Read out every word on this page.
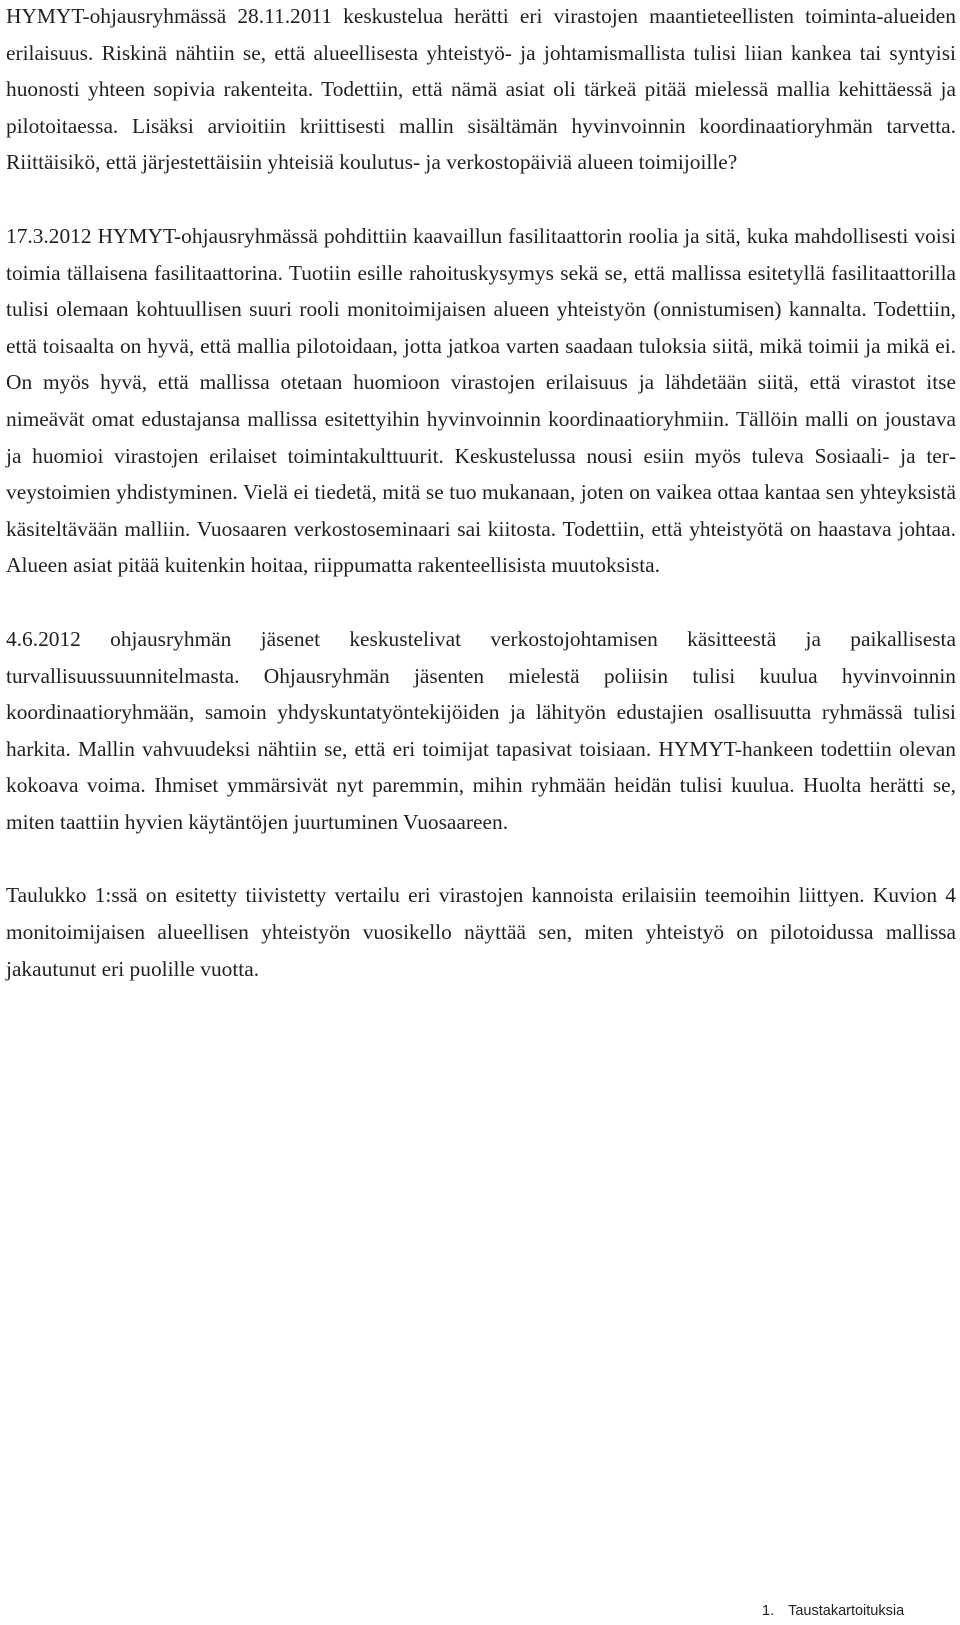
HYMYT-ohjausryhmässä 28.11.2011 keskustelua herätti eri virastojen maantieteellisten toiminta-alueiden erilaisuus. Riskinä nähtiin se, että alueellisesta yhteistyö- ja johtamismallista tulisi liian kankea tai syntyisi huonosti yhteen sopivia rakenteita. Todettiin, että nämä asiat oli tärkeä pitää mielessä mallia kehittäessä ja pilotoitaessa. Lisäksi arvioitiin kriittisesti mallin sisältämän hyvinvoinnin koordinaatioryhmän tarvetta. Riittäisikö, että järjestettäisiin yhteisiä koulutus- ja verkostopäiviä alueen toimijoille?

17.3.2012 HYMYT-ohjausryhmässä pohdittiin kaavaillun fasilitaattorin roolia ja sitä, kuka mahdollisesti voisi toimia tällaisena fasilitaattorina. Tuotiin esille rahoituskysymys sekä se, että mallissa esitetyllä fasilitaattorilla tulisi olemaan kohtuullisen suuri rooli monitoimijaisen alueen yhteistyön (onnistumisen) kannalta. Todettiin, että toisaalta on hyvä, että mallia pilotoidaan, jotta jatkoa varten saadaan tuloksia siitä, mikä toimii ja mikä ei. On myös hyvä, että mallissa otetaan huomioon virastojen erilaisuus ja lähdetään siitä, että virastot itse nimeävät omat edustajansa mallissa esitettyihin hyvinvoinnin koordinaatioryhmiin. Tällöin malli on joustava ja huomioi virastojen erilaiset toimintakulttuurit. Keskustelussa nousi esiin myös tuleva Sosiaali- ja terveystoimien yhdistyminen. Vielä ei tiedetä, mitä se tuo mukanaan, joten on vaikea ottaa kantaa sen yhteyksistä käsiteltävään malliin. Vuosaaren verkostoseminaari sai kiitosta. Todettiin, että yhteistyötä on haastava johtaa. Alueen asiat pitää kuitenkin hoitaa, riippumatta rakenteellisista muutoksista.

4.6.2012 ohjausryhmän jäsenet keskustelivat verkostojohtamisen käsitteestä ja paikallisesta turvallisuussuunnitelmasta. Ohjausryhmän jäsenten mielestä poliisin tulisi kuulua hyvinvoinnin koordinaatioryhmään, samoin yhdyskuntatyöntekijöiden ja lähityön edustajien osallisuutta ryhmässä tulisi harkita. Mallin vahvuudeksi nähtiin se, että eri toimijat tapasivat toisiaan. HYMYT-hankeen todettiin olevan kokoava voima. Ihmiset ymmärsivät nyt paremmin, mihin ryhmään heidän tulisi kuulua. Huolta herätti se, miten taattiin hyvien käytäntöjen juurtuminen Vuosaareen.

Taulukko 1:ssä on esitetty tiivistetty vertailu eri virastojen kannoista erilaisiin teemoihin liittyen. Kuvion 4 monitoimijaisen alueellisen yhteistyön vuosikello näyttää sen, miten yhteistyö on pilotoidussa mallissa jakautunut eri puolille vuotta.

1. Taustakartoituksia
